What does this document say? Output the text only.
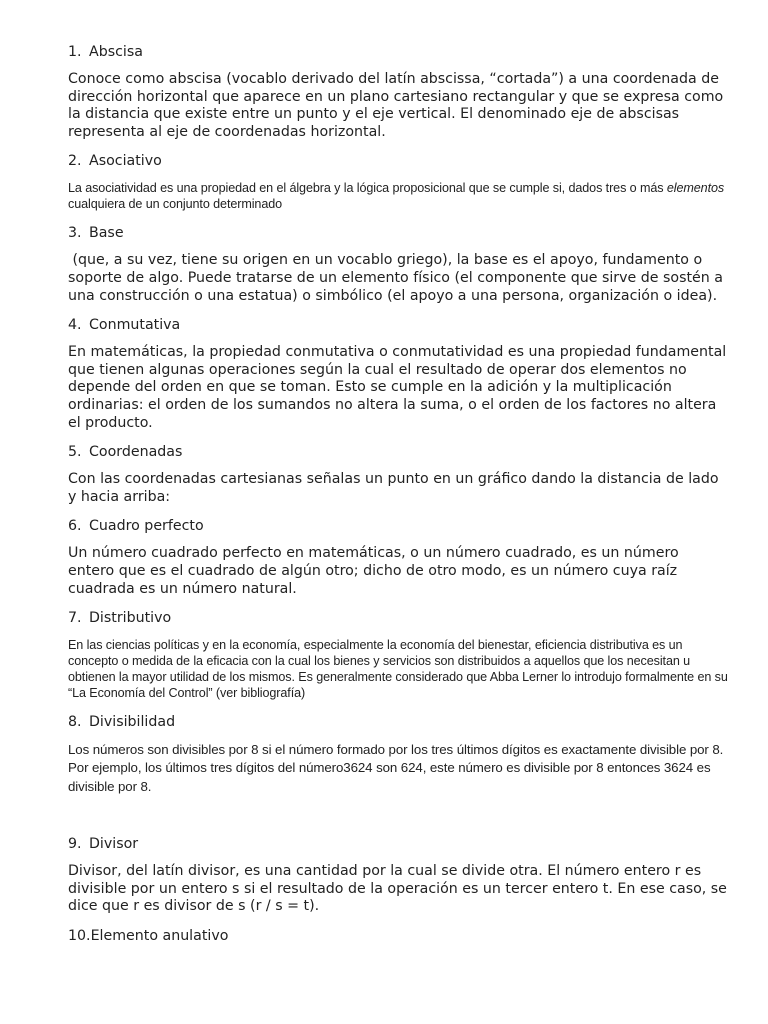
1. Abscisa

Conoce como abscisa (vocablo derivado del latín abscissa, “cortada”) a una coordenada de dirección horizontal que aparece en un plano cartesiano rectangular y que se expresa como la distancia que existe entre un punto y el eje vertical. El denominado eje de abscisas representa al eje de coordenadas horizontal.

2. Asociativo

La asociatividad es una propiedad en el álgebra y la lógica proposicional que se cumple si, dados tres o más elementos cualquiera de un conjunto determinado

3. Base

(que, a su vez, tiene su origen en un vocablo griego), la base es el apoyo, fundamento o soporte de algo. Puede tratarse de un elemento físico (el componente que sirve de sostén a una construcción o una estatua) o simbólico (el apoyo a una persona, organización o idea).

4. Conmutativa

En matemáticas, la propiedad conmutativa o conmutatividad es una propiedad fundamental que tienen algunas operaciones según la cual el resultado de operar dos elementos no depende del orden en que se toman. Esto se cumple en la adición y la multiplicación ordinarias: el orden de los sumandos no altera la suma, o el orden de los factores no altera el producto.

5. Coordenadas

Con las coordenadas cartesianas señalas un punto en un gráfico dando la distancia de lado y hacia arriba:

6. Cuadro perfecto

Un número cuadrado perfecto en matemáticas, o un número cuadrado, es un número entero que es el cuadrado de algún otro; dicho de otro modo, es un número cuya raíz cuadrada es un número natural.

7. Distributivo

En las ciencias políticas y en la economía, especialmente la economía del bienestar, eficiencia distributiva es un concepto o medida de la eficacia con la cual los bienes y servicios son distribuidos a aquellos que los necesitan u obtienen la mayor utilidad de los mismos. Es generalmente considerado que Abba Lerner lo introdujo formalmente en su “La Economía del Control” (ver bibliografía)

8. Divisibilidad

Los números son divisibles por 8 si el número formado por los tres últimos dígitos es exactamente divisible por 8. Por ejemplo, los últimos tres dígitos del número3624 son 624, este número es divisible por 8 entonces 3624 es divisible por 8.

9. Divisor

Divisor, del latín divisor, es una cantidad por la cual se divide otra. El número entero r es divisible por un entero s si el resultado de la operación es un tercer entero t. En ese caso, se dice que r es divisor de s (r / s = t).

10. Elemento anulativo
